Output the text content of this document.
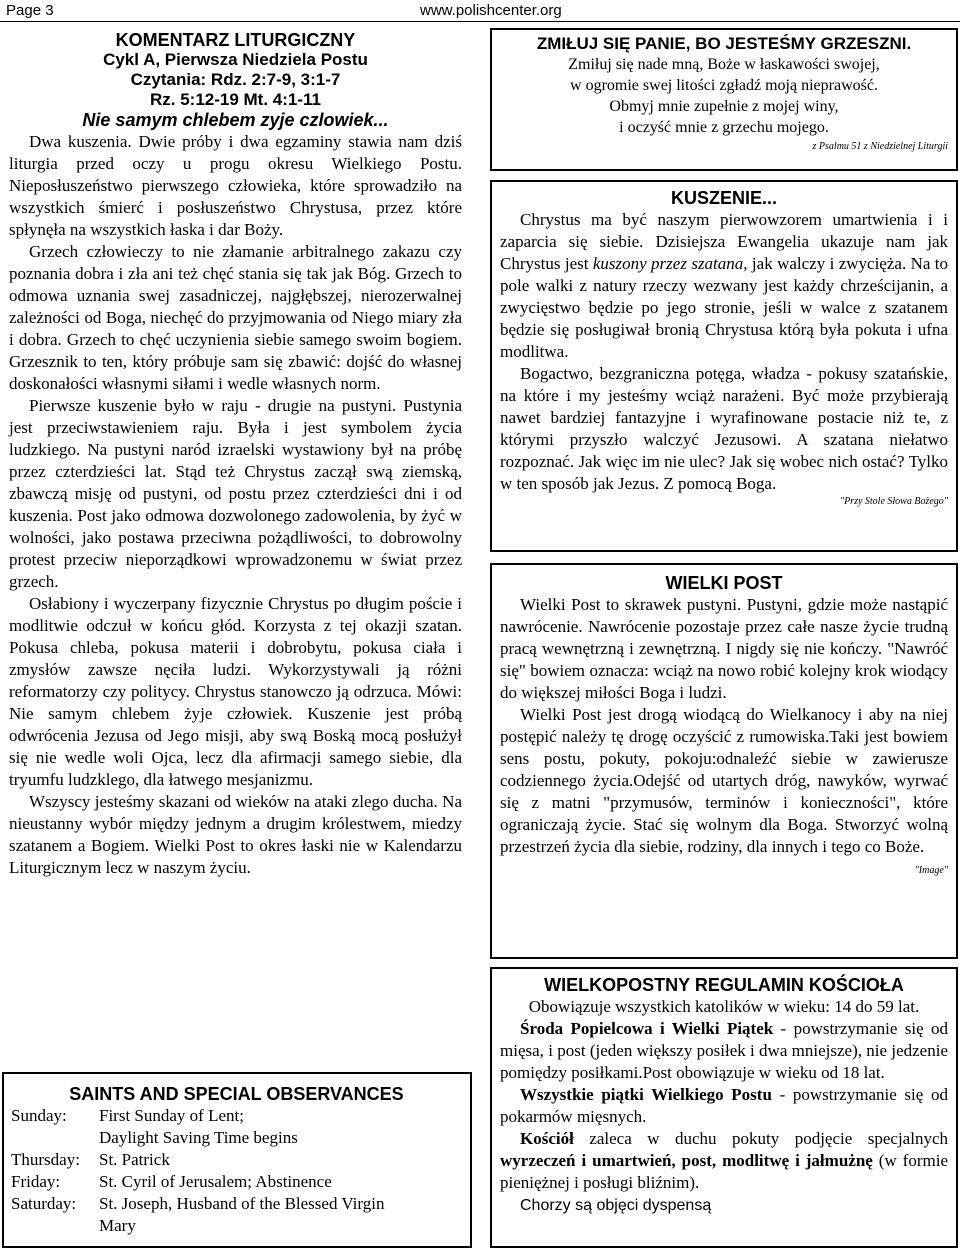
Page 3	www.polishcenter.org
KOMENTARZ LITURGICZNY
Cykl A, Pierwsza Niedziela Postu
Czytania: Rdz. 2:7-9, 3:1-7
Rz. 5:12-19 Mt. 4:1-11
Nie samym chlebem zyje czlowiek...

Dwa kuszenia. Dwie próby i dwa egzaminy stawia nam dziś liturgia przed oczy u progu okresu Wielkiego Postu. Nieposłuszeństwo pierwszego człowieka, które sprowadziło na wszystkich śmierć i posłuszeństwo Chrystusa, przez które spłynęła na wszystkich łaska i dar Boży.

Grzech człowieczy to nie złamanie arbitralnego zakazu czy poznania dobra i zła ani też chęć stania się tak jak Bóg. Grzech to odmowa uznania swej zasadniczej, najgłębszej, nierozerwalnej zależności od Boga, niechęć do przyjmowania od Niego miary zła i dobra. Grzech to chęć uczynienia siebie samego swoim bogiem. Grzesznik to ten, który próbuje sam się zbawić: dojść do własnej doskonałości własnymi siłami i wedle własnych norm.

Pierwsze kuszenie było w raju - drugie na pustyni. Pustynia jest przeciwstawieniem raju. Była i jest symbolem życia ludzkiego. Na pustyni naród izraelski wystawiony był na próbę przez czterdzieści lat. Stąd też Chrystus zaczął swą ziemską, zbawczą misję od pustyni, od postu przez czterdzieści dni i od kuszenia. Post jako odmowa dozwolonego zadowolenia, by żyć w wolności, jako postawa przeciwna pożądliwości, to dobrowolny protest przeciw nieporządkowi wprowadzonemu w świat przez grzech.

Osłabiony i wyczerpany fizycznie Chrystus po długim poście i modlitwie odczuł w końcu głód. Korzysta z tej okazji szatan. Pokusa chleba, pokusa materii i dobrobytu, pokusa ciała i zmysłów zawsze nęciła ludzi. Wykorzystywali ją różni reformatorzy czy politycy. Chrystus stanowczo ją odrzuca. Mówi: Nie samym chlebem żyje człowiek. Kuszenie jest próbą odwrócenia Jezusa od Jego misji, aby swą Boską mocą posłużył się nie wedle woli Ojca, lecz dla afirmacji samego siebie, dla tryumfu ludzklego, dla łatwego mesjanizmu.

Wszyscy jesteśmy skazani od wieków na ataki zlego ducha. Na nieustanny wybór między jednym a drugim królestwem, miedzy szatanem a Bogiem. Wielki Post to okres łaski nie w Kalendarzu Liturgicznym lecz w naszym życiu.

SAINTS AND SPECIAL OBSERVANCES
Sunday:	First Sunday of Lent;
Daylight Saving Time begins
Thursday:	St. Patrick
Friday:	St. Cyril of Jerusalem; Abstinence
Saturday:	St. Joseph, Husband of the Blessed Virgin
Mary
ZMIŁUJ SIĘ PANIE, BO JESTEŚMY GRZESZNI.
Zmiłuj się nade mną, Boże w łaskawości swojej,
w ogromie swej litości zgładź moją nieprawość.
Obmyj mnie zupełnie z mojej winy,
i oczyść mnie z grzechu mojego.
z Psalmu 51 z Niedzielnej Liturgii
KUSZENIE...

Chrystus ma być naszym pierwowzorem umartwienia i i zaparcia się siebie. Dzisiejsza Ewangelia ukazuje nam jak Chrystus jest kuszony przez szatana, jak walczy i zwycięża. Na to pole walki z natury rzeczy wezwany jest każdy chrześcijanin, a zwycięstwo będzie po jego stronie, jeśli w walce z szatanem będzie się posługiwał bronią Chrystusa którą była pokuta i ufna modlitwa.

Bogactwo, bezgraniczna potęga, władza - pokusy szatańskie, na które i my jesteśmy wciąż narażeni. Być może przybierają nawet bardziej fantazyjne i wyrafinowane postacie niż te, z którymi przyszło walczyć Jezusowi. A szatana niełatwo rozpoznać. Jak więc im nie ulec? Jak się wobec nich ostać? Tylko w ten sposób jak Jezus. Z pomocą Boga.

"Przy Stole Słowa Bożego"
WIELKI POST

Wielki Post to skrawek pustyni. Pustyni, gdzie może nastąpić nawrócenie. Nawrócenie pozostaje przez całe nasze życie trudną pracą wewnętrzną i zewnętrzną. I nigdy się nie kończy. "Nawróć się" bowiem oznacza: wciąż na nowo robić kolejny krok wiodący do większej miłości Boga i ludzi.

Wielki Post jest drogą wiodącą do Wielkanocy i aby na niej postępić należy tę drogę oczyścić z rumowiska.Taki jest bowiem sens postu, pokuty, pokoju:odnaleźć siebie w zawierusze codziennego życia.Odejść od utartych dróg, nawyków, wyrwać się z matni "przymusów, terminów i konieczności", które ograniczają życie. Stać się wolnym dla Boga. Stworzyć wolną przestrzeń życia dla siebie, rodziny, dla innych i tego co Boże.

"Image"
WIELKOPOSTNY REGULAMIN KOŚCIOŁA

Obowiązuje wszystkich katolików w wieku: 14 do 59 lat.

Środa Popielcowa i Wielki Piątek - powstrzymanie się od mięsa, i post (jeden większy posiłek i dwa mniejsze), nie jedzenie pomiędzy posiłkami.Post obowiązuje w wieku od 18 lat.

Wszystkie piątki Wielkiego Postu - powstrzymanie się od pokarmów mięsnych.

Kościół zaleca w duchu pokuty podjęcie specjalnych wyrzeczeń i umartwień, post, modlitwę i jałmużnę (w formie pieniężnej i posługi bliźnim).

Chorzy są objęci dyspensą
